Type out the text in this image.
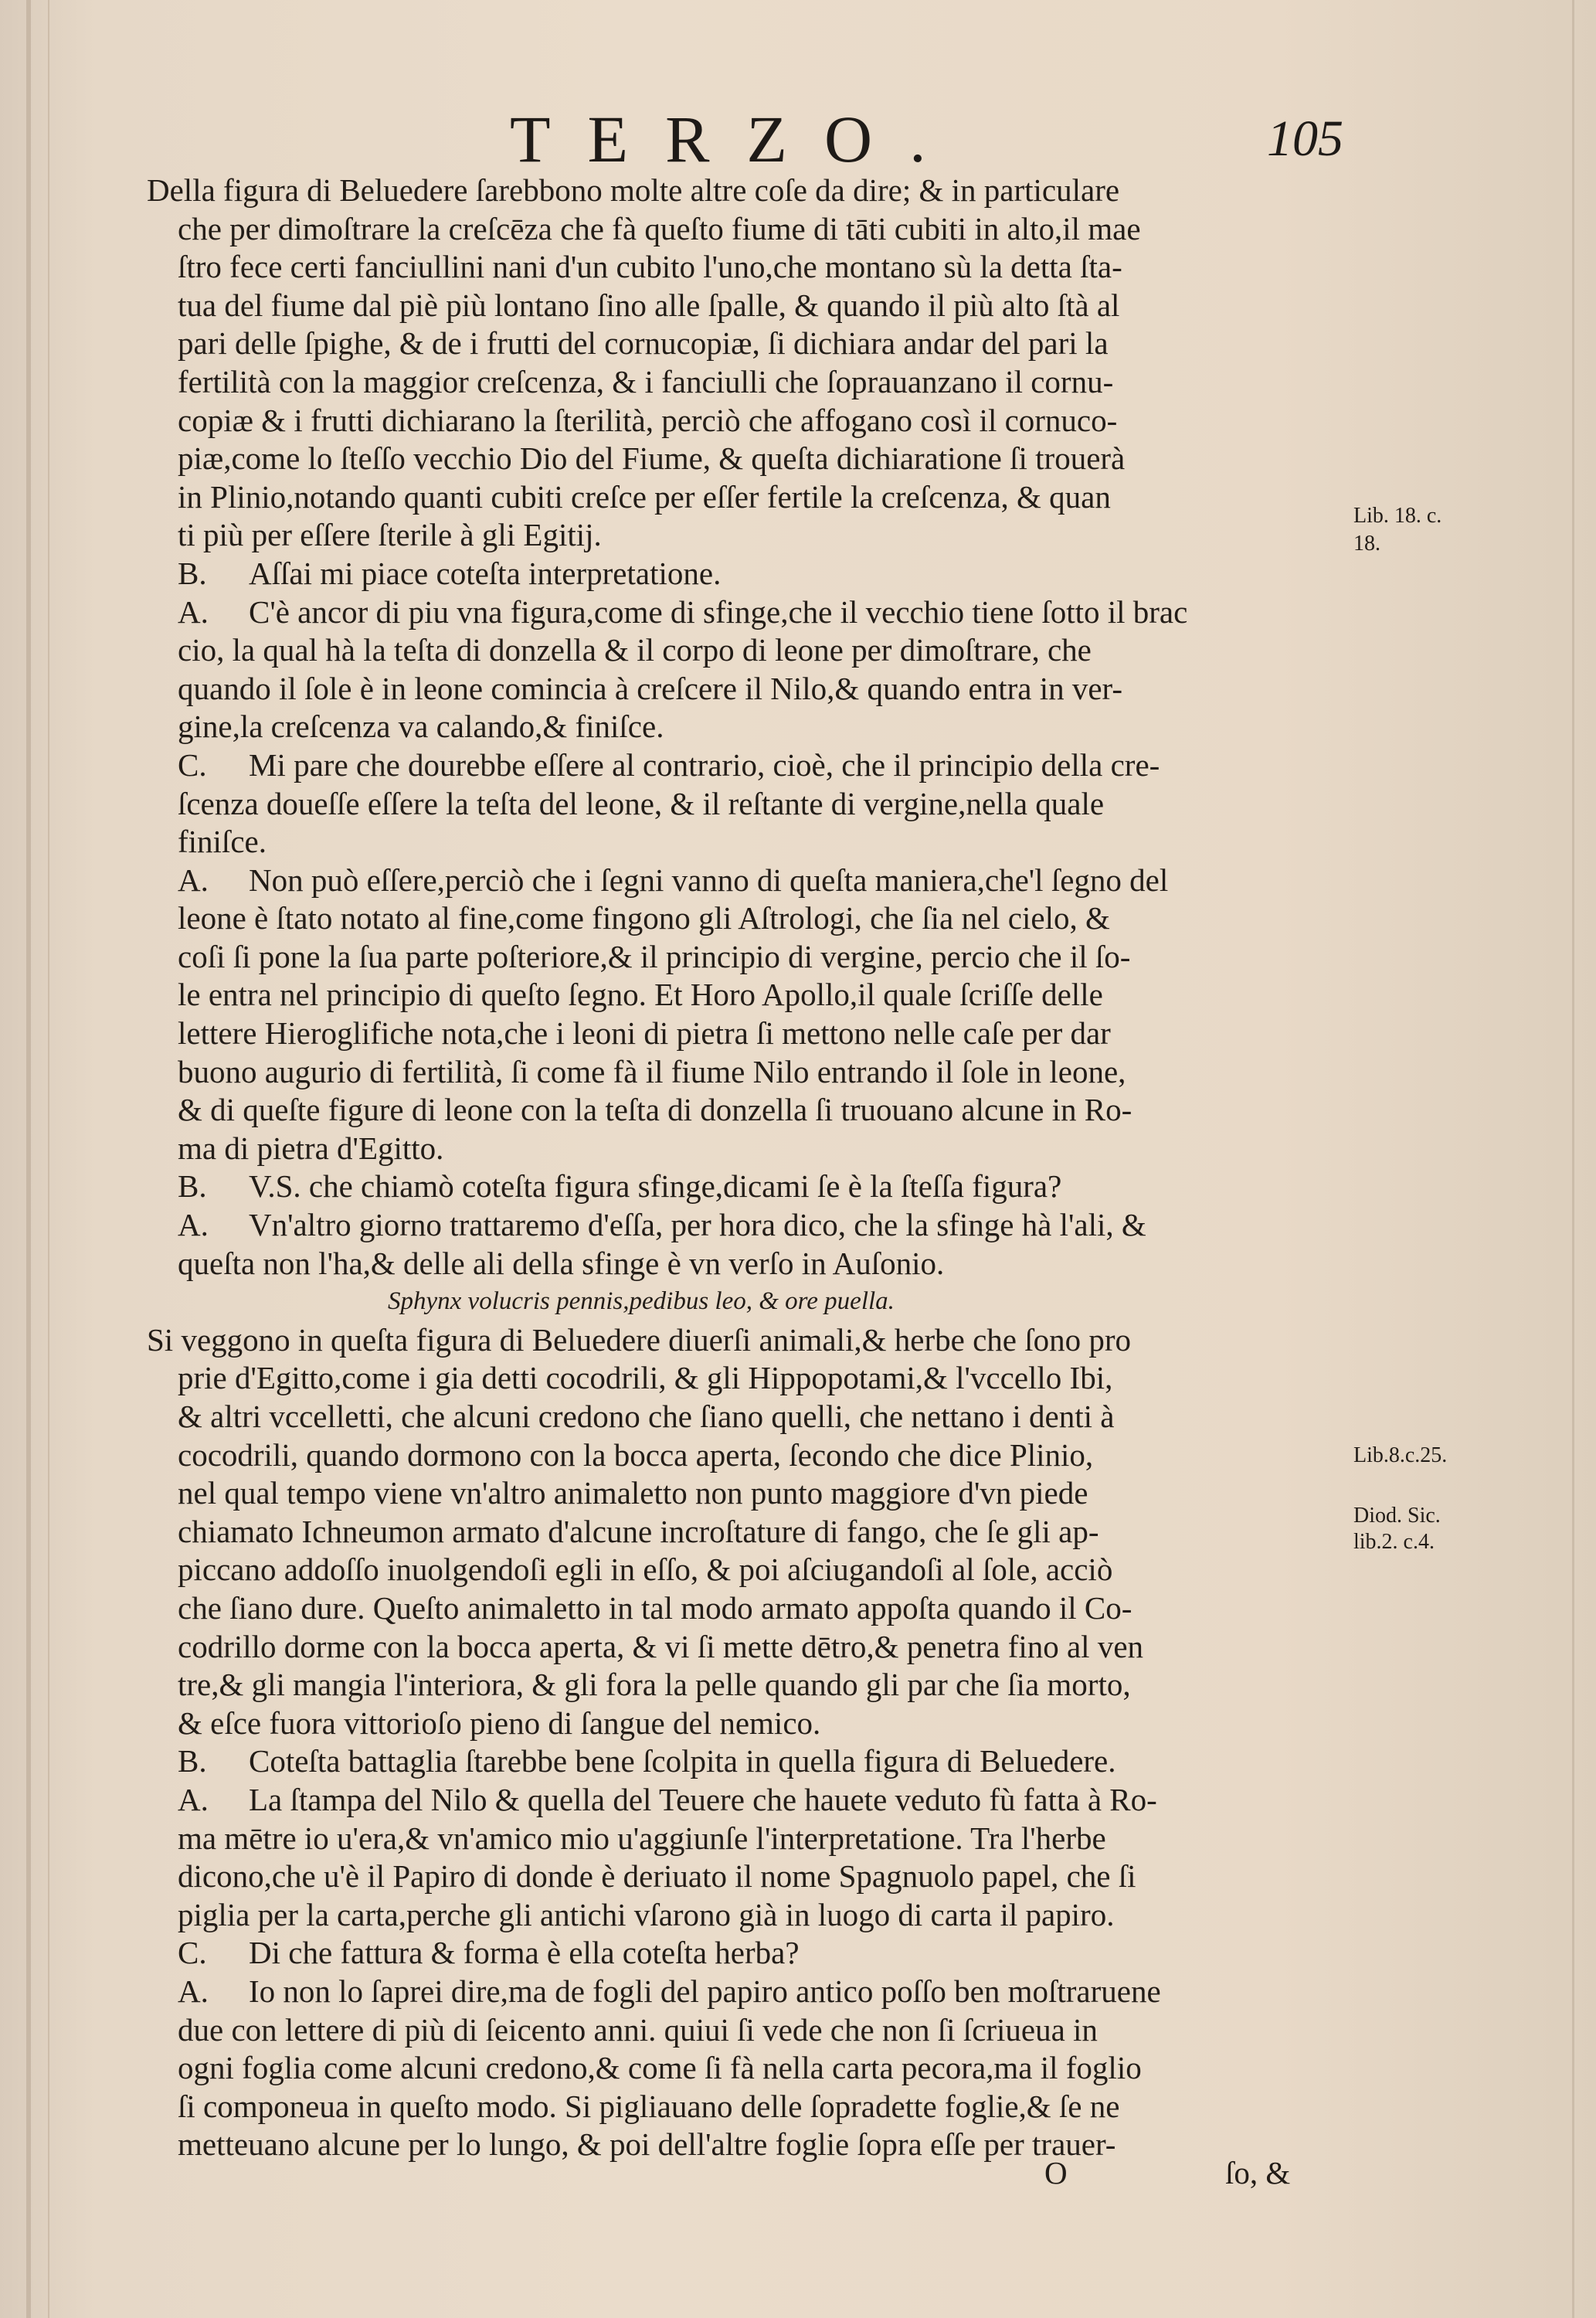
TERZO.	105
Della figura di Beluedere ſarebbono molte altre coſe da dire; & in particulare
che per dimoſtrare la creſcēza che fà queſto fiume di tāti cubiti in alto,il mae
ſtro fece certi fanciullini nani d'un cubito l'uno,che montano sù la detta ſta-
tua del fiume dal piè più lontano ſino alle ſpalle, & quando il più alto ſtà al
pari delle ſpighe, & de i frutti del cornucopiæ, ſi dichiara andar del pari la
fertilità con la maggior creſcenza, & i fanciulli che ſoprauanzano il cornu-
copiæ & i frutti dichiarano la ſterilità, perciò che affogano così il cornuco-
piæ,come lo ſteſſo vecchio Dio del Fiume, & queſta dichiaratione ſi trouerà
in Plinio,notando quanti cubiti creſce per eſſer fertile la creſcenza, & quan
ti più per eſſere ſterile à gli Egitij.
B. Aſſai mi piace coteſta interpretatione.
A. C'è ancor di piu vna figura,come di sfinge,che il vecchio tiene ſotto il brac
cio, la qual hà la teſta di donzella & il corpo di leone per dimoſtrare, che
quando il ſole è in leone comincia à creſcere il Nilo,& quando entra in ver-
gine,la creſcenza va calando,& finiſce.
C. Mi pare che dourebbe eſſere al contrario, cioè, che il principio della cre-
ſcenza doueſſe eſſere la teſta del leone, & il reſtante di vergine,nella quale
finiſce.
A. Non può eſſere,perciò che i ſegni vanno di queſta maniera,che'l ſegno del
leone è ſtato notato al fine,come fingono gli Aſtrologi, che ſia nel cielo, &
coſi ſi pone la ſua parte poſteriore,& il principio di vergine, percio che il ſo-
le entra nel principio di queſto ſegno. Et Horo Apollo,il quale ſcriſſe delle
lettere Hieroglifiche nota,che i leoni di pietra ſi mettono nelle caſe per dar
buono augurio di fertilità, ſi come fà il fiume Nilo entrando il ſole in leone,
& di queſte figure di leone con la teſta di donzella ſi truouano alcune in Ro-
ma di pietra d'Egitto.
B. V.S. che chiamò coteſta figura sfinge,dicami ſe è la ſteſſa figura?
A. Vn'altro giorno trattaremo d'eſſa, per hora dico, che la sfinge hà l'ali, &
queſta non l'ha,& delle ali della sfinge è vn verſo in Auſonio.
Sphynx volucris pennis,pedibus leo, & ore puella.
Si veggono in queſta figura di Beluedere diuerſi animali,& herbe che ſono pro
prie d'Egitto,come i gia detti cocodrili, & gli Hippopotami,& l'vccello Ibi,
& altri vccelletti, che alcuni credono che ſiano quelli, che nettano i denti à
cocodrili, quando dormono con la bocca aperta, ſecondo che dice Plinio,
nel qual tempo viene vn'altro animaletto non punto maggiore d'vn piede
chiamato Ichneumon armato d'alcune incroſtature di fango, che ſe gli ap-
piccano addoſſo inuolgendoſi egli in eſſo, & poi aſciugandoſi al ſole, acciò
che ſiano dure. Queſto animaletto in tal modo armato appoſta quando il Co-
codrillo dorme con la bocca aperta, & vi ſi mette dētro,& penetra fino al ven
tre,& gli mangia l'interiora, & gli fora la pelle quando gli par che ſia morto,
& eſce fuora vittorioſo pieno di ſangue del nemico.
B. Coteſta battaglia ſtarebbe bene ſcolpita in quella figura di Beluedere.
A. La ſtampa del Nilo & quella del Teuere che hauete veduto fù fatta à Ro-
ma mētre io u'era,& vn'amico mio u'aggiunſe l'interpretatione. Tra l'herbe
dicono,che u'è il Papiro di donde è deriuato il nome Spagnuolo papel, che ſi
piglia per la carta,perche gli antichi vſarono già in luogo di carta il papiro.
C. Di che fattura & forma è ella coteſta herba?
A. Io non lo ſaprei dire,ma de fogli del papiro antico poſſo ben moſtraruene
due con lettere di più di ſeicento anni. quiui ſi vede che non ſi ſcriueua in
ogni foglia come alcuni credono,& come ſi fà nella carta pecora,ma il foglio
ſi componeua in queſto modo. Si pigliauano delle ſopradette foglie,& ſe ne
metteuano alcune per lo lungo, & poi dell'altre foglie ſopra eſſe per trauer-
Lib. 18. c.
18.
Lib.8.c.25.
Diod. Sic.
lib.2. c.4.
O	ſo, &
